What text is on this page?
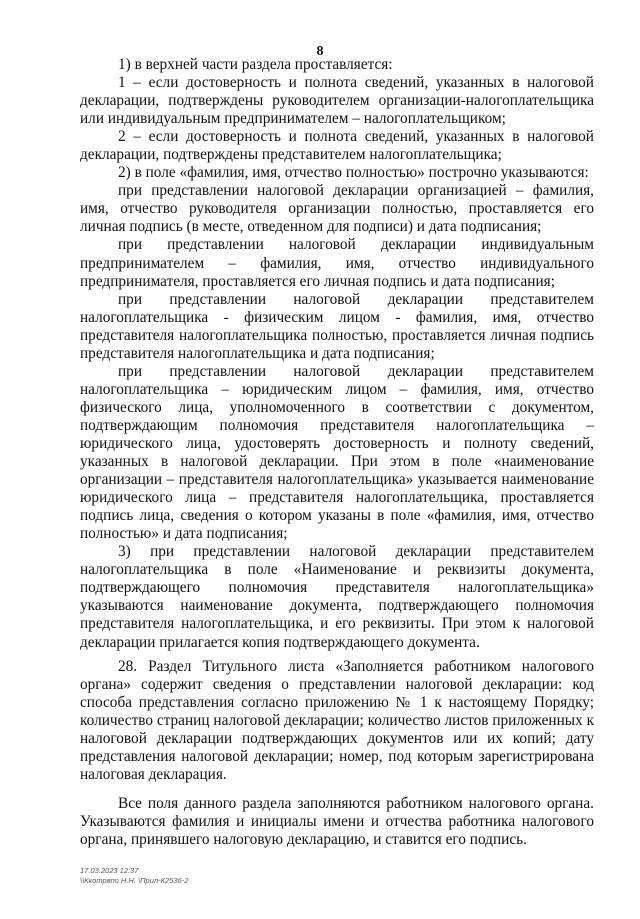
8

1) в верхней части раздела проставляется:

1 – если достоверность и полнота сведений, указанных в налоговой декларации, подтверждены руководителем организации-налогоплательщика или индивидуальным предпринимателем – налогоплательщиком;

2 – если достоверность и полнота сведений, указанных в налоговой декларации, подтверждены представителем налогоплательщика;

2) в поле «фамилия, имя, отчество полностью» построчно указываются:

при представлении налоговой декларации организацией – фамилия, имя, отчество руководителя организации полностью, проставляется его личная подпись (в месте, отведенном для подписи) и дата подписания;

при представлении налоговой декларации индивидуальным предпринимателем – фамилия, имя, отчество индивидуального предпринимателя, проставляется его личная подпись и дата подписания;

при представлении налоговой декларации представителем налогоплательщика - физическим лицом - фамилия, имя, отчество представителя налогоплательщика полностью, проставляется личная подпись представителя налогоплательщика и дата подписания;

при представлении налоговой декларации представителем налогоплательщика – юридическим лицом – фамилия, имя, отчество физического лица, уполномоченного в соответствии с документом, подтверждающим полномочия представителя налогоплательщика – юридического лица, удостоверять достоверность и полноту сведений, указанных в налоговой декларации. При этом в поле «наименование организации – представителя налогоплательщика» указывается наименование юридического лица – представителя налогоплательщика, проставляется подпись лица, сведения о котором указаны в поле «фамилия, имя, отчество полностью» и дата подписания;

3) при представлении налоговой декларации представителем налогоплательщика в поле «Наименование и реквизиты документа, подтверждающего полномочия представителя налогоплательщика» указываются наименование документа, подтверждающего полномочия представителя налогоплательщика, и его реквизиты. При этом к налоговой декларации прилагается копия подтверждающего документа.

28. Раздел Титульного листа «Заполняется работником налогового органа» содержит сведения о представлении налоговой декларации: код способа представления согласно приложению № 1 к настоящему Порядку; количество страниц налоговой декларации; количество листов приложенных к налоговой декларации подтверждающих документов или их копий; дату представления налоговой декларации; номер, под которым зарегистрирована налоговая декларация.

Все поля данного раздела заполняются работником налогового органа. Указываются фамилия и инициалы имени и отчества работника налогового органа, принявшего налоговую декларацию, и ставится его подпись.

17.03.2023 12:37
\\Ккотрвпо Н.Н. \Прил-К2536-2
